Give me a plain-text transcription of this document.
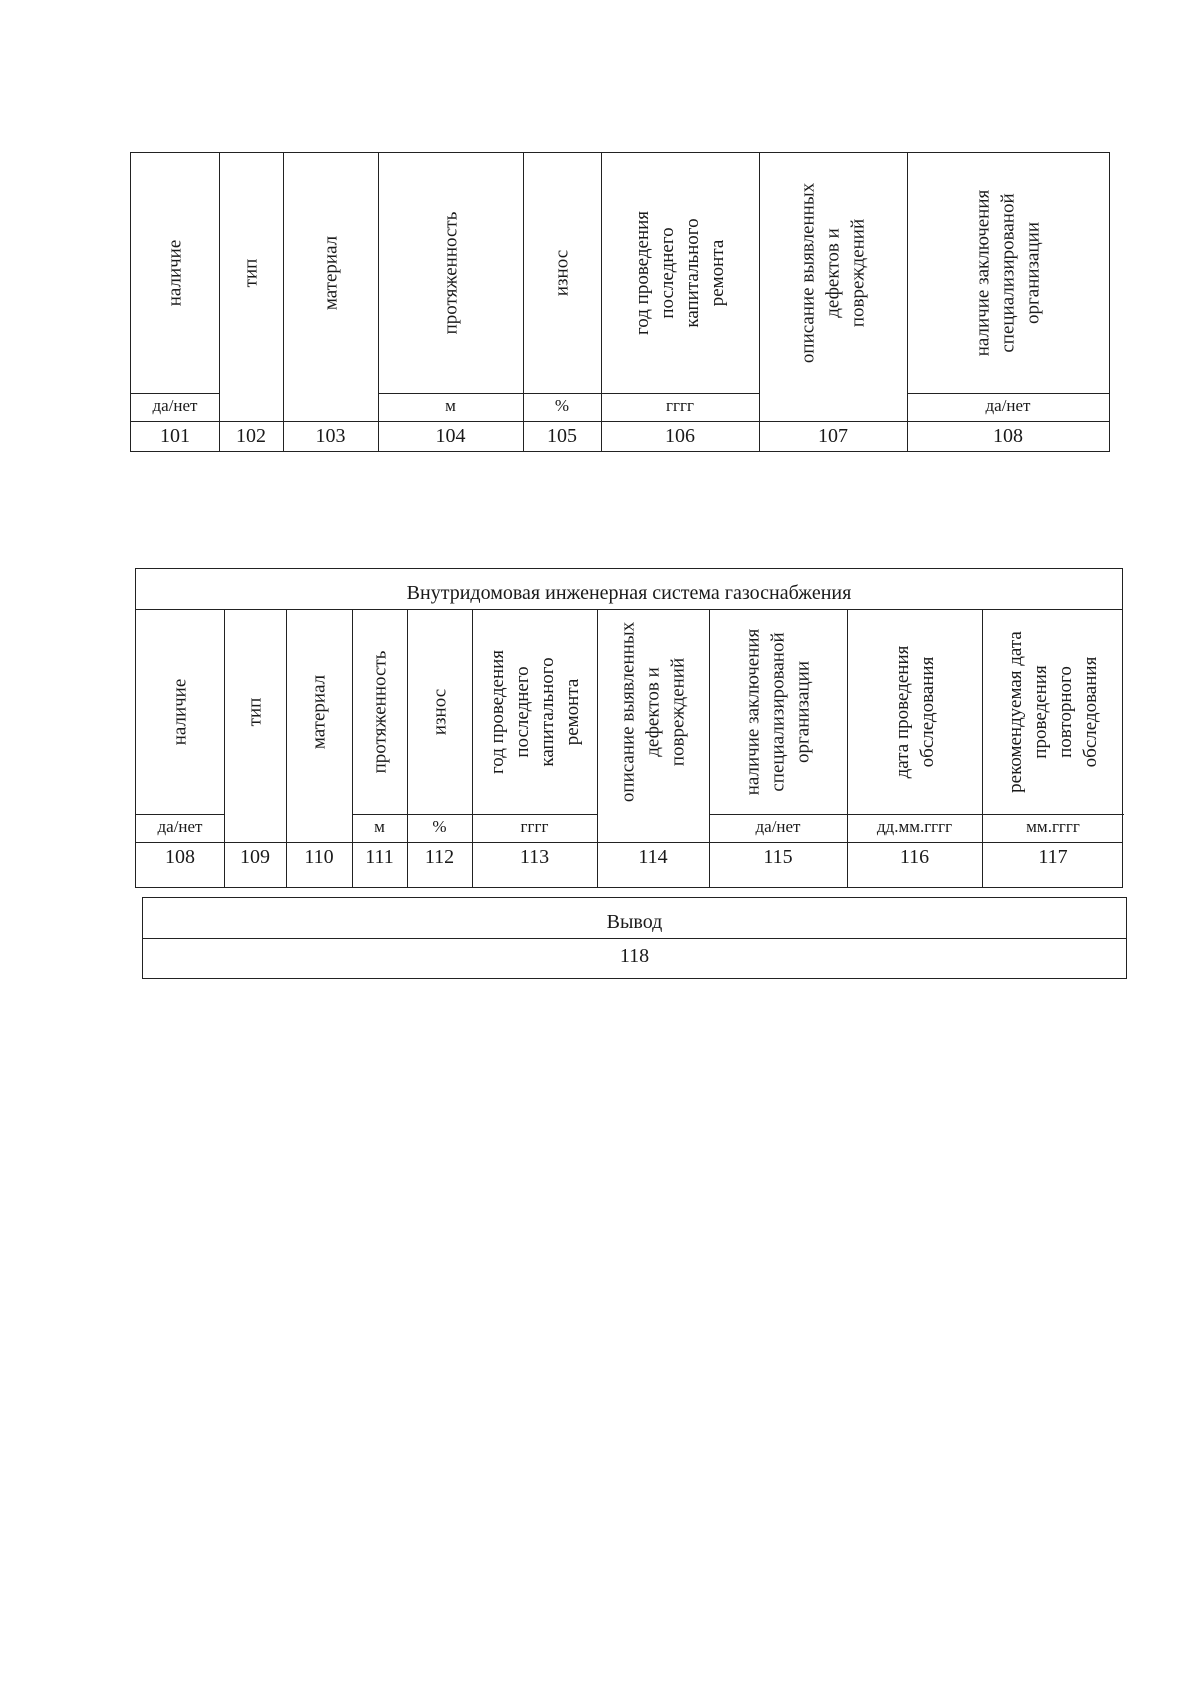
наличие
да/нет
101
тип
102
материал
103
протяженность
м
104
износ
%
105
год проведения
последнего
капитального
ремонта
гггг
106
описание выявленных
дефектов и
повреждений
107
наличие заключения
специализированой
организации
да/нет
108
Внутридомовая инженерная система газоснабжения
наличие
да/нет
108
тип
109
материал
110
протяженность
м
111
износ
%
112
год проведения
последнего
капитального
ремонта
гггг
113
описание выявленных
дефектов и
повреждений
114
наличие заключения
специализированой
организации
да/нет
115
дата проведения
обследования
дд.мм.гггг
116
рекомендуемая дата
проведения
повторного
обследования
мм.гггг
117
Вывод
118
